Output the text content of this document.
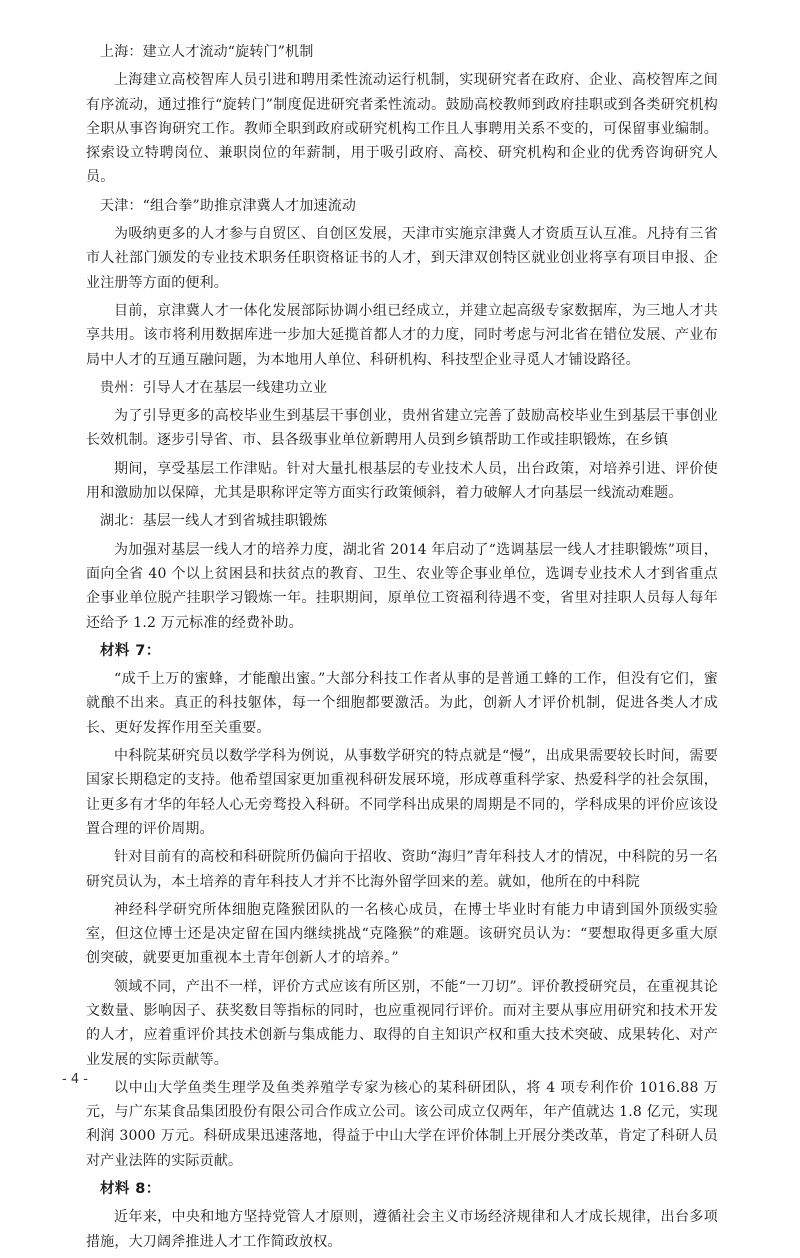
上海：建立人才流动“旋转门”机制
上海建立高校智库人员引进和聘用柔性流动运行机制，实现研究者在政府、企业、高校智库之间有序流动，通过推行“旋转门”制度促进研究者柔性流动。鼓励高校教师到政府挂职或到各类研究机构全职从事咨询研究工作。教师全职到政府或研究机构工作且人事聘用关系不变的，可保留事业编制。探索设立特聘岗位、兼职岗位的年薪制，用于吸引政府、高校、研究机构和企业的优秀咨询研究人员。
天津：“组合拳”助推京津冀人才加速流动
为吸纳更多的人才参与自贸区、自创区发展，天津市实施京津冀人才资质互认互准。凡持有三省市人社部门颁发的专业技术职务任职资格证书的人才，到天津双创特区就业创业将享有项目申报、企业注册等方面的便利。
目前，京津冀人才一体化发展部际协调小组已经成立，并建立起高级专家数据库，为三地人才共享共用。该市将利用数据库进一步加大延揽首都人才的力度，同时考虑与河北省在错位发展、产业布局中人才的互通互融问题，为本地用人单位、科研机构、科技型企业寻觅人才铺设路径。
贵州：引导人才在基层一线建功立业
为了引导更多的高校毕业生到基层干事创业，贵州省建立完善了鼓励高校毕业生到基层干事创业长效机制。逐步引导省、市、县各级事业单位新聘用人员到乡镇帮助工作或挂职锻炼，在乡镇
期间，享受基层工作津贴。针对大量扎根基层的专业技术人员，出台政策，对培养引进、评价使用和激励加以保障，尤其是职称评定等方面实行政策倾斜，着力破解人才向基层一线流动难题。
湖北：基层一线人才到省城挂职锻炼
为加强对基层一线人才的培养力度，湖北省 2014 年启动了“选调基层一线人才挂职锻炼”项目，面向全省 40 个以上贫困县和扶贫点的教育、卫生、农业等企事业单位，选调专业技术人才到省重点企事业单位脱产挂职学习锻炼一年。挂职期间，原单位工资福利待遇不变，省里对挂职人员每人每年还给予 1.2 万元标准的经费补助。
材料 7：
“成千上万的蜜蜂，才能酿出蜜。”大部分科技工作者从事的是普通工蜂的工作，但没有它们，蜜就酿不出来。真正的科技躯体，每一个细胞都要激活。为此，创新人才评价机制，促进各类人才成长、更好发挥作用至关重要。
中科院某研究员以数学学科为例说，从事数学研究的特点就是“慢”，出成果需要较长时间，需要国家长期稳定的支持。他希望国家更加重视科研发展环境，形成尊重科学家、热爱科学的社会氛围，让更多有才华的年轻人心无旁骛投入科研。不同学科出成果的周期是不同的，学科成果的评价应该设置合理的评价周期。
针对目前有的高校和科研院所仍偏向于招收、资助“海归”青年科技人才的情况，中科院的另一名研究员认为，本土培养的青年科技人才并不比海外留学回来的差。就如，他所在的中科院
神经科学研究所体细胞克隆猴团队的一名核心成员，在博士毕业时有能力申请到国外顶级实验室，但这位博士还是决定留在国内继续挑战“克隆猴”的难题。该研究员认为：“要想取得更多重大原创突破，就要更加重视本土青年创新人才的培养。”
领域不同，产出不一样，评价方式应该有所区别，不能“一刀切”。评价教授研究员，在重视其论文数量、影响因子、获奖数目等指标的同时，也应重视同行评价。而对主要从事应用研究和技术开发的人才，应着重评价其技术创新与集成能力、取得的自主知识产权和重大技术突破、成果转化、对产业发展的实际贡献等。
以中山大学鱼类生理学及鱼类养殖学专家为核心的某科研团队，将 4 项专利作价 1016.88 万元，与广东某食品集团股份有限公司合作成立公司。该公司成立仅两年，年产值就达 1.8 亿元，实现利润 3000 万元。科研成果迅速落地，得益于中山大学在评价体制上开展分类改革，肯定了科研人员对产业法阵的实际贡献。
材料 8：
近年来，中央和地方坚持党管人才原则，遵循社会主义市场经济规律和人才成长规律，出台多项措施，大刀阔斧推进人才工作简政放权。
- 4 -
